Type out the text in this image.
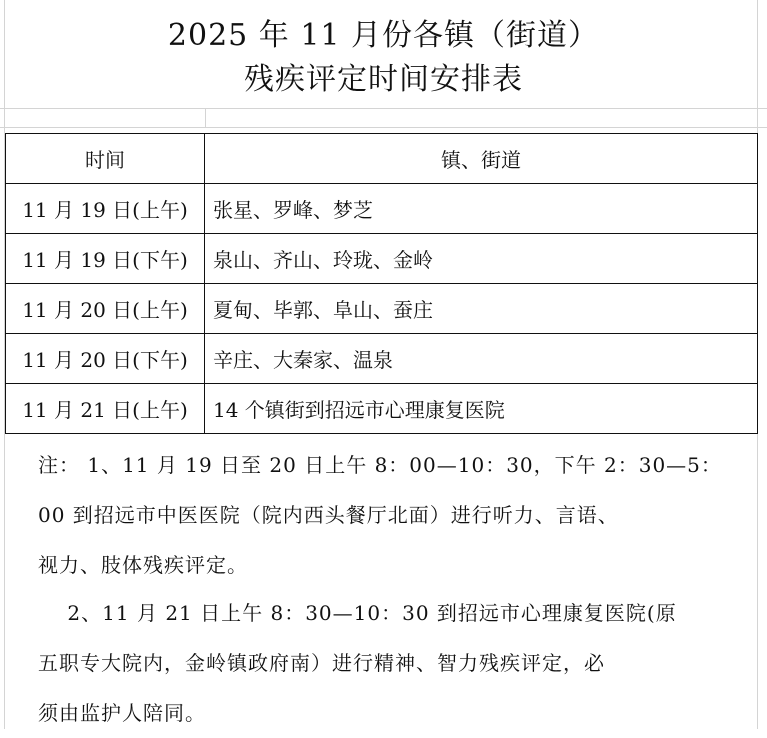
2025 年 11 月份各镇（街道）
残疾评定时间安排表
时间	镇、街道
11 月 19 日(上午)	张星、罗峰、梦芝
11 月 19 日(下午)	泉山、齐山、玲珑、金岭
11 月 20 日(上午)	夏甸、毕郭、阜山、蚕庄
11 月 20 日(下午)	辛庄、大秦家、温泉
11 月 21 日(上午)	14 个镇街到招远市心理康复医院

注： 1、11 月 19 日至 20 日上午 8：00—10：30，下午 2：30—5：

00 到招远市中医医院（院内西头餐厅北面）进行听力、言语、

视力、肢体残疾评定。

2、11 月 21 日上午 8：30—10：30 到招远市心理康复医院(原

五职专大院内，金岭镇政府南）进行精神、智力残疾评定，必

须由监护人陪同。
